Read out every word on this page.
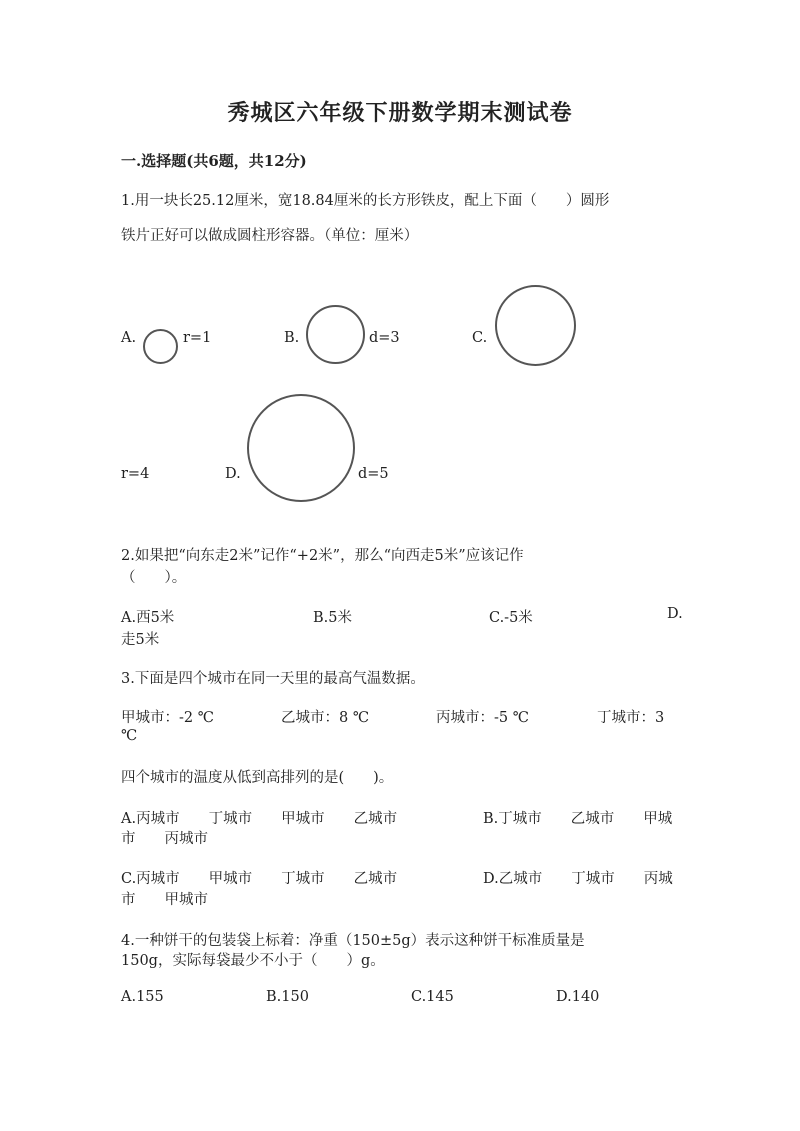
秀城区六年级下册数学期末测试卷
一.选择题(共6题，共12分)
1.用一块长25.12厘米，宽18.84厘米的长方形铁皮，配上下面（　　）圆形
铁片正好可以做成圆柱形容器。（单位：厘米）
A.	r=1	B.	d=3	C.
r=4	D.	d=5
2.如果把“向东走2米”记作“+2米”，那么“向西走5米”应该记作
（　　）。
A.西5米	B.5米	C.-5米	D.
走5米
3.下面是四个城市在同一天里的最高气温数据。
甲城市：-2 ℃	乙城市：8 ℃	丙城市：-5 ℃	丁城市：3
℃
四个城市的温度从低到高排列的是(　　)。
A.丙城市　　丁城市　　甲城市　　乙城市	B.丁城市　　乙城市　　甲城
市　　丙城市
C.丙城市　　甲城市　　丁城市　　乙城市	D.乙城市　　丁城市　　丙城
市　　甲城市
4.一种饼干的包装袋上标着：净重（150±5g）表示这种饼干标准质量是
150g，实际每袋最少不小于（　　）g。
A.155	B.150	C.145	D.140
